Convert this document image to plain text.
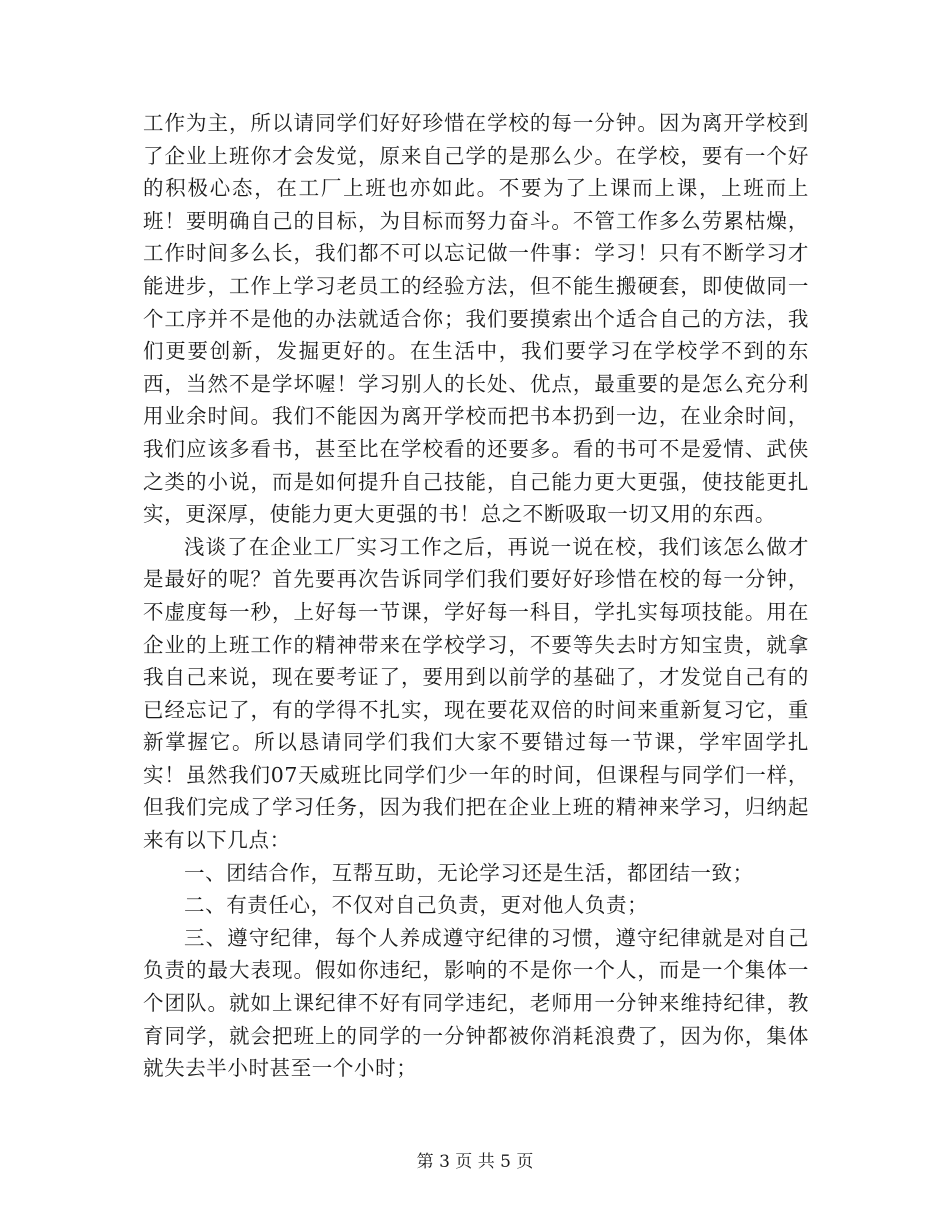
工作为主，所以请同学们好好珍惜在学校的每一分钟。因为离开学校到了企业上班你才会发觉，原来自己学的是那么少。在学校，要有一个好的积极心态，在工厂上班也亦如此。不要为了上课而上课，上班而上班！要明确自己的目标，为目标而努力奋斗。不管工作多么劳累枯燥，工作时间多么长，我们都不可以忘记做一件事：学习！只有不断学习才能进步，工作上学习老员工的经验方法，但不能生搬硬套，即使做同一个工序并不是他的办法就适合你；我们要摸索出个适合自己的方法，我们更要创新，发掘更好的。在生活中，我们要学习在学校学不到的东西，当然不是学坏喔！学习别人的长处、优点，最重要的是怎么充分利用业余时间。我们不能因为离开学校而把书本扔到一边，在业余时间，我们应该多看书，甚至比在学校看的还要多。看的书可不是爱情、武侠之类的小说，而是如何提升自己技能，自己能力更大更强，使技能更扎实，更深厚，使能力更大更强的书！总之不断吸取一切又用的东西。

浅谈了在企业工厂实习工作之后，再说一说在校，我们该怎么做才是最好的呢？首先要再次告诉同学们我们要好好珍惜在校的每一分钟，不虚度每一秒，上好每一节课，学好每一科目，学扎实每项技能。用在企业的上班工作的精神带来在学校学习，不要等失去时方知宝贵，就拿我自己来说，现在要考证了，要用到以前学的基础了，才发觉自己有的已经忘记了，有的学得不扎实，现在要花双倍的时间来重新复习它，重新掌握它。所以恳请同学们我们大家不要错过每一节课，学牢固学扎实！虽然我们07天威班比同学们少一年的时间，但课程与同学们一样，但我们完成了学习任务，因为我们把在企业上班的精神来学习，归纳起来有以下几点：

一、团结合作，互帮互助，无论学习还是生活，都团结一致；

二、有责任心，不仅对自己负责，更对他人负责；

三、遵守纪律，每个人养成遵守纪律的习惯，遵守纪律就是对自己负责的最大表现。假如你违纪，影响的不是你一个人，而是一个集体一个团队。就如上课纪律不好有同学违纪，老师用一分钟来维持纪律，教育同学，就会把班上的同学的一分钟都被你消耗浪费了，因为你，集体就失去半小时甚至一个小时；

第 3 页 共 5 页
